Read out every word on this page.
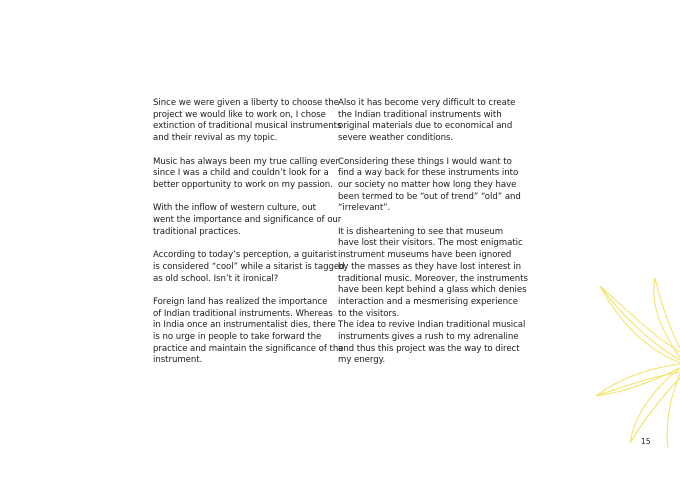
Since we were given a liberty to choose the
project we would like to work on, I chose
extinction of traditional musical instruments
and their revival as my topic.
Music has always been my true calling ever
since I was a child and couldn’t look for a
better opportunity to work on my passion.
With the inflow of western culture, out
went the importance and significance of our
traditional practices.
According to today’s perception, a guitarist
is considered “cool” while a sitarist is tagged
as old school. Isn’t it ironical?
Foreign land has realized the importance
of Indian traditional instruments. Whereas
in India once an instrumentalist dies, there
is no urge in people to take forward the
practice and maintain the significance of the
instrument.
Also it has become very difficult to create
the Indian traditional instruments with
original materials due to economical and
severe weather conditions.
Considering these things I would want to
find a way back for these instruments into
our society no matter how long they have
been termed to be “out of trend” “old” and
“irrelevant”.
It is disheartening to see that museum
have lost their visitors. The most enigmatic
instrument museums have been ignored
by the masses as they have lost interest in
traditional music. Moreover, the instruments
have been kept behind a glass which denies
interaction and a mesmerising experience
to the visitors.
The idea to revive Indian traditional musical
instruments gives a rush to my adrenaline
and thus this project was the way to direct
my energy.
15
